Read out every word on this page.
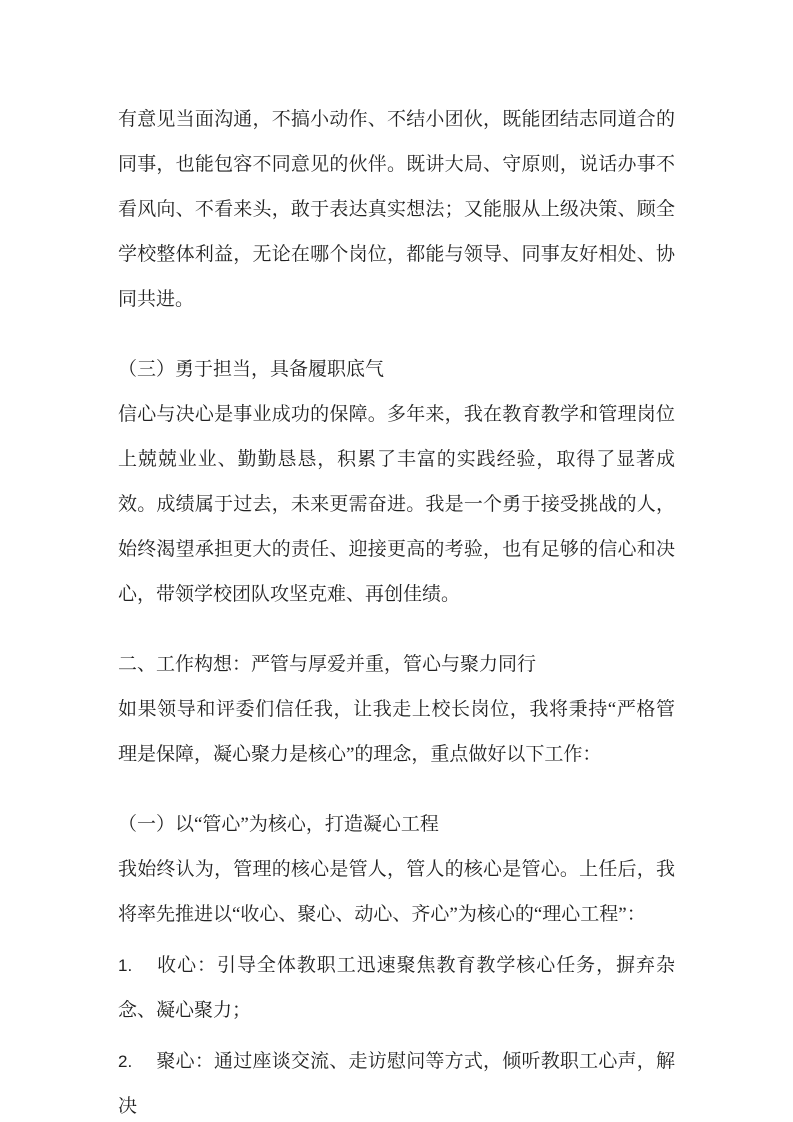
有意见当面沟通，不搞小动作、不结小团伙，既能团结志同道合的同事，也能包容不同意见的伙伴。既讲大局、守原则，说话办事不看风向、不看来头，敢于表达真实想法；又能服从上级决策、顾全学校整体利益，无论在哪个岗位，都能与领导、同事友好相处、协同共进。

（三）勇于担当，具备履职底气

信心与决心是事业成功的保障。多年来，我在教育教学和管理岗位上兢兢业业、勤勤恳恳，积累了丰富的实践经验，取得了显著成效。成绩属于过去，未来更需奋进。我是一个勇于接受挑战的人，始终渴望承担更大的责任、迎接更高的考验，也有足够的信心和决心，带领学校团队攻坚克难、再创佳绩。

二、工作构想：严管与厚爱并重，管心与聚力同行

如果领导和评委们信任我，让我走上校长岗位，我将秉持“严格管理是保障，凝心聚力是核心”的理念，重点做好以下工作：

（一）以“管心”为核心，打造凝心工程

我始终认为，管理的核心是管人，管人的核心是管心。上任后，我将率先推进以“收心、聚心、动心、齐心”为核心的“理心工程”：

1. 收心：引导全体教职工迅速聚焦教育教学核心任务，摒弃杂念、凝心聚力；

2. 聚心：通过座谈交流、走访慰问等方式，倾听教职工心声，解决
